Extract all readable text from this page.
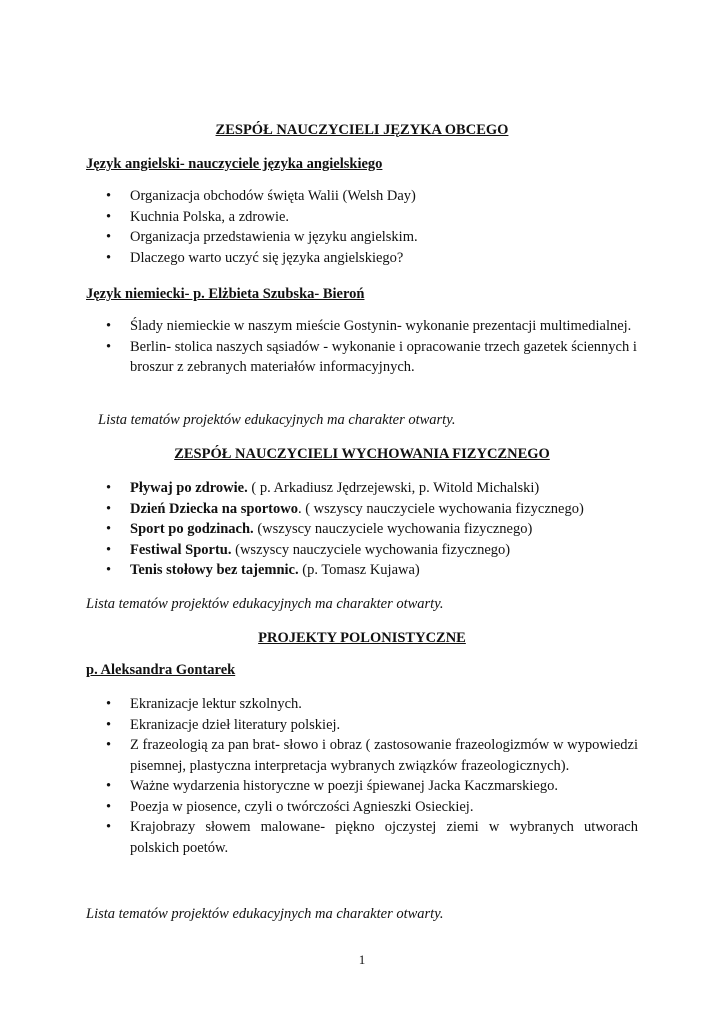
ZESPÓŁ NAUCZYCIELI JĘZYKA OBCEGO
Język angielski- nauczyciele języka angielskiego
• Organizacja obchodów święta Walii (Welsh Day)
• Kuchnia Polska, a zdrowie.
• Organizacja przedstawienia w języku angielskim.
• Dlaczego warto uczyć się języka angielskiego?
Język niemiecki- p. Elżbieta Szubska- Bieroń
• Ślady niemieckie w naszym mieście Gostynin- wykonanie prezentacji multimedialnej.
• Berlin- stolica naszych sąsiadów - wykonanie i opracowanie trzech gazetek ściennych i broszur z zebranych materiałów informacyjnych.
Lista tematów projektów edukacyjnych ma charakter otwarty.
ZESPÓŁ NAUCZYCIELI WYCHOWANIA FIZYCZNEGO
• Pływaj po zdrowie. ( p. Arkadiusz Jędrzejewski, p. Witold Michalski)
• Dzień Dziecka na sportowo. ( wszyscy nauczyciele wychowania fizycznego)
• Sport po godzinach. (wszyscy nauczyciele wychowania fizycznego)
• Festiwal Sportu. (wszyscy nauczyciele wychowania fizycznego)
• Tenis stołowy bez tajemnic. (p. Tomasz Kujawa)
Lista tematów projektów edukacyjnych ma charakter otwarty.
PROJEKTY POLONISTYCZNE
p. Aleksandra Gontarek
• Ekranizacje lektur szkolnych.
• Ekranizacje dzieł literatury polskiej.
• Z frazeologią za pan brat- słowo i obraz ( zastosowanie frazeologizmów w wypowiedzi pisemnej, plastyczna interpretacja wybranych związków frazeologicznych).
• Ważne wydarzenia historyczne w poezji śpiewanej Jacka Kaczmarskiego.
• Poezja w piosence, czyli o twórczości Agnieszki Osieckiej.
• Krajobrazy słowem malowane- piękno ojczystej ziemi w wybranych utworach polskich poetów.
Lista tematów projektów edukacyjnych ma charakter otwarty.
1
